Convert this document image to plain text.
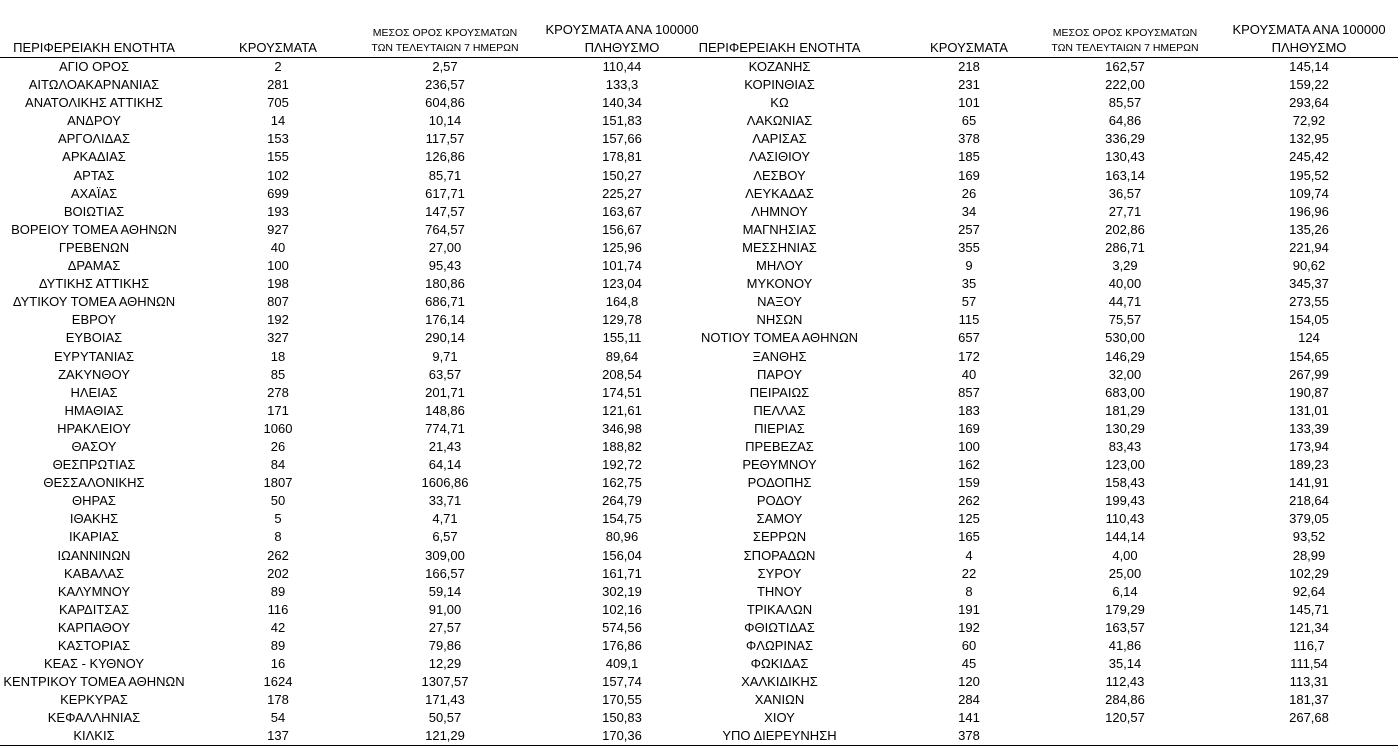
ΠΕΡΙΦΕΡΕΙΑΚΗ ΕΝΟΤΗΤΑ	ΚΡΟΥΣΜΑΤΑ
ΜΕΣΟΣ ΟΡΟΣ ΚΡΟΥΣΜΑΤΩΝ
ΤΩΝ ΤΕΛΕΥΤΑΙΩΝ 7 ΗΜΕΡΩΝ
ΚΡΟΥΣΜΑΤΑ ΑΝΑ 100000
ΠΛΗΘΥΣΜΟ
ΑΓΙΟ ΟΡΟΣ	2	2,57	110,44
ΑΙΤΩΛΟΑΚΑΡΝΑΝΙΑΣ	281	236,57	133,3
ΑΝΑΤΟΛΙΚΗΣ ΑΤΤΙΚΗΣ	705	604,86	140,34
ΑΝΔΡΟΥ	14	10,14	151,83
ΑΡΓΟΛΙΔΑΣ	153	117,57	157,66
ΑΡΚΑΔΙΑΣ	155	126,86	178,81
ΑΡΤΑΣ	102	85,71	150,27
ΑΧΑΪΑΣ	699	617,71	225,27
ΒΟΙΩΤΙΑΣ	193	147,57	163,67
ΒΟΡΕΙΟΥ ΤΟΜΕΑ ΑΘΗΝΩΝ	927	764,57	156,67
ΓΡΕΒΕΝΩΝ	40	27,00	125,96
ΔΡΑΜΑΣ	100	95,43	101,74
ΔΥΤΙΚΗΣ ΑΤΤΙΚΗΣ	198	180,86	123,04
ΔΥΤΙΚΟΥ ΤΟΜΕΑ ΑΘΗΝΩΝ	807	686,71	164,8
ΕΒΡΟΥ	192	176,14	129,78
ΕΥΒΟΙΑΣ	327	290,14	155,11
ΕΥΡΥΤΑΝΙΑΣ	18	9,71	89,64
ΖΑΚΥΝΘΟΥ	85	63,57	208,54
ΗΛΕΙΑΣ	278	201,71	174,51
ΗΜΑΘΙΑΣ	171	148,86	121,61
ΗΡΑΚΛΕΙΟΥ	1060	774,71	346,98
ΘΑΣΟΥ	26	21,43	188,82
ΘΕΣΠΡΩΤΙΑΣ	84	64,14	192,72
ΘΕΣΣΑΛΟΝΙΚΗΣ	1807	1606,86	162,75
ΘΗΡΑΣ	50	33,71	264,79
ΙΘΑΚΗΣ	5	4,71	154,75
ΙΚΑΡΙΑΣ	8	6,57	80,96
ΙΩΑΝΝΙΝΩΝ	262	309,00	156,04
ΚΑΒΑΛΑΣ	202	166,57	161,71
ΚΑΛΥΜΝΟΥ	89	59,14	302,19
ΚΑΡΔΙΤΣΑΣ	116	91,00	102,16
ΚΑΡΠΑΘΟΥ	42	27,57	574,56
ΚΑΣΤΟΡΙΑΣ	89	79,86	176,86
ΚΕΑΣ - ΚΥΘΝΟΥ	16	12,29	409,1
ΚΕΝΤΡΙΚΟΥ ΤΟΜΕΑ ΑΘΗΝΩΝ	1624	1307,57	157,74
ΚΕΡΚΥΡΑΣ	178	171,43	170,55
ΚΕΦΑΛΛΗΝΙΑΣ	54	50,57	150,83
ΚΙΛΚΙΣ	137	121,29	170,36
ΠΕΡΙΦΕΡΕΙΑΚΗ ΕΝΟΤΗΤΑ	ΚΡΟΥΣΜΑΤΑ
ΜΕΣΟΣ ΟΡΟΣ ΚΡΟΥΣΜΑΤΩΝ
ΤΩΝ ΤΕΛΕΥΤΑΙΩΝ 7 ΗΜΕΡΩΝ
ΚΡΟΥΣΜΑΤΑ ΑΝΑ 100000
ΠΛΗΘΥΣΜΟ
ΚΟΖΑΝΗΣ	218	162,57	145,14
ΚΟΡΙΝΘΙΑΣ	231	222,00	159,22
ΚΩ	101	85,57	293,64
ΛΑΚΩΝΙΑΣ	65	64,86	72,92
ΛΑΡΙΣΑΣ	378	336,29	132,95
ΛΑΣΙΘΙΟΥ	185	130,43	245,42
ΛΕΣΒΟΥ	169	163,14	195,52
ΛΕΥΚΑΔΑΣ	26	36,57	109,74
ΛΗΜΝΟΥ	34	27,71	196,96
ΜΑΓΝΗΣΙΑΣ	257	202,86	135,26
ΜΕΣΣΗΝΙΑΣ	355	286,71	221,94
ΜΗΛΟΥ	9	3,29	90,62
ΜΥΚΟΝΟΥ	35	40,00	345,37
ΝΑΞΟΥ	57	44,71	273,55
ΝΗΣΩΝ	115	75,57	154,05
ΝΟΤΙΟΥ ΤΟΜΕΑ ΑΘΗΝΩΝ	657	530,00	124
ΞΑΝΘΗΣ	172	146,29	154,65
ΠΑΡΟΥ	40	32,00	267,99
ΠΕΙΡΑΙΩΣ	857	683,00	190,87
ΠΕΛΛΑΣ	183	181,29	131,01
ΠΙΕΡΙΑΣ	169	130,29	133,39
ΠΡΕΒΕΖΑΣ	100	83,43	173,94
ΡΕΘΥΜΝΟΥ	162	123,00	189,23
ΡΟΔΟΠΗΣ	159	158,43	141,91
ΡΟΔΟΥ	262	199,43	218,64
ΣΑΜΟΥ	125	110,43	379,05
ΣΕΡΡΩΝ	165	144,14	93,52
ΣΠΟΡΑΔΩΝ	4	4,00	28,99
ΣΥΡΟΥ	22	25,00	102,29
ΤΗΝΟΥ	8	6,14	92,64
ΤΡΙΚΑΛΩΝ	191	179,29	145,71
ΦΘΙΩΤΙΔΑΣ	192	163,57	121,34
ΦΛΩΡΙΝΑΣ	60	41,86	116,7
ΦΩΚΙΔΑΣ	45	35,14	111,54
ΧΑΛΚΙΔΙΚΗΣ	120	112,43	113,31
ΧΑΝΙΩΝ	284	284,86	181,37
ΧΙΟΥ	141	120,57	267,68
ΥΠΟ ΔΙΕΡΕΥΝΗΣΗ	378
